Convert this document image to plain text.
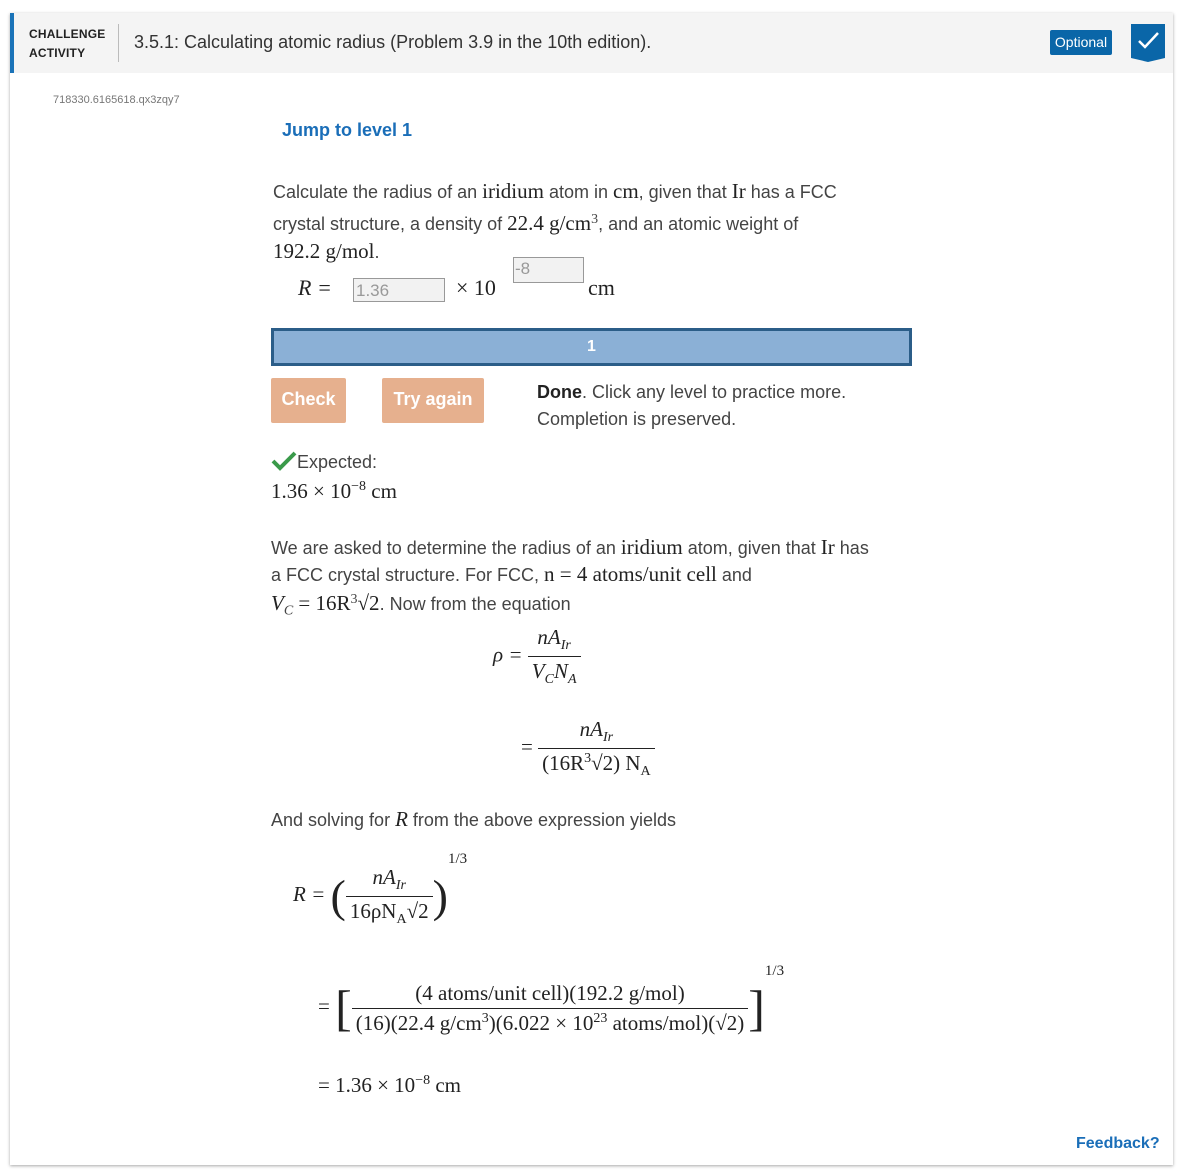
CHALLENGE
ACTIVITY
3.5.1: Calculating atomic radius (Problem 3.9 in the 10th edition).	Optional
718330.6165618.qx3zqy7
Jump to level 1
Calculate the radius of an iridium atom in cm, given that Ir has a FCC
crystal structure, a density of 22.4 $g/cm^3$, and an atomic weight of
192.2 g/mol.
R =	× 10	cm
1.36
-8
1
Check	Try again	Done. Click any level to practice more. Completion is preserved.
Expected:
$1.36 \times 10^{-8}$ cm
We are asked to determine the radius of an iridium atom, given that Ir has
a FCC crystal structure. For FCC, n = 4 atoms/unit cell and
$V_C = 16R^3√2$. Now from the equation
$\rho = \frac{nA_{Ir}}{V_CN_A}$
= $\frac{nA_{Ir}}{(16R^3√2) N_A}$
And solving for R from the above expression yields
R = ( $\frac{nA_{Ir}}{16\rho N_A√2} )^{1/3}$
= [ $\frac{\text{(4 atoms/unit cell)(192.2 g/mol)}}{(16)(22.4 g/cm^3)(6.022 \times 10^{23} atoms/mol)(√2)} ]^{1/3}$
= $1.36 \times 10^{-8}$ cm
Feedback?
